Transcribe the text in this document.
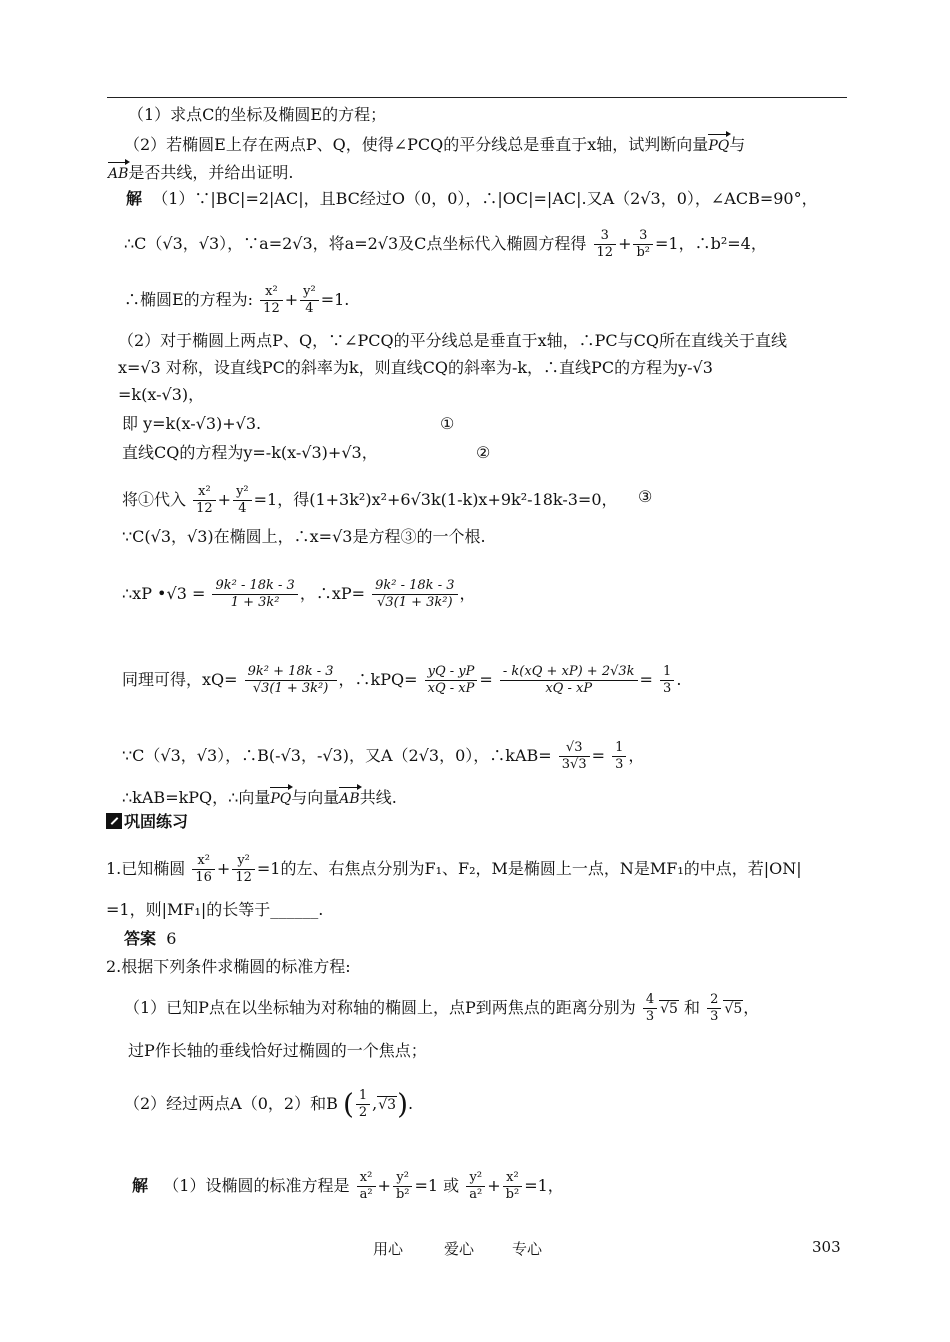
（1）求点C的坐标及椭圆E的方程；
（2）若椭圆E上存在两点P、Q，使得∠PCQ的平分线总是垂直于x轴，试判断向量PQ与
AB是否共线，并给出证明.
解 （1）∵|BC|=2|AC|，且BC经过O（0，0），∴|OC|=|AC|.又A（2√3，0），∠ACB=90°，
∴C（√3，√3），∵a=2√3，将a=2√3及C点坐标代入椭圆方程得 $\frac{3}{12} + \frac{3}{\text{b²}} =1$，∴b²=4，
∴椭圆E的方程为: $\frac{\text{x²}}{12} + \frac{\text{y²}}{4} =1$.
（2）对于椭圆上两点P、Q，∵∠PCQ的平分线总是垂直于x轴，∴PC与CQ所在直线关于直线
x=√3 对称，设直线PC的斜率为k，则直线CQ的斜率为-k，∴直线PC的方程为y-√3
=k(x-√3)，
即 y=k(x-√3)+√3.	①
直线CQ的方程为y=-k(x-√3)+√3，	②
将①代入 $\frac{\text{x²}}{12} + \frac{\text{y²}}{4} =1$，得(1+3k²)x²+6√3k(1-k)x+9k²-18k-3=0， ③
∵C(√3，√3)在椭圆上，∴x=√3是方程③的一个根.
∴xP •√3 = $\frac{\text{9k² - 18k - 3}}{\text{1 + 3k²}}$ ，∴xP= $\frac{\text{9k² - 18k - 3}}{\text{√3(1 + 3k²)}}$ ，
同理可得，$xQ= \frac{\text{9k² + 18k - 3}}{\text{√3(1 + 3k²)}}$ ，∴kPQ= $\frac{yQ - yP}{xQ - xP} = \frac{- k(xQ + xP) + 2√3k}{xQ - xP} = \frac{1}{3}$ .
∵C（√3，√3），∴B(-√3，-√3)，又A（2√3，0），∴kAB= $\frac{√3}{3√3} = \frac{1}{3}$ ，
∴kAB=kPQ，∴向量PQ与向量AB共线.
巩固练习
1.已知椭圆 $\frac{\text{x²}}{16} + \frac{\text{y²}}{12} =1$的左、右焦点分别为F₁、F₂，M是椭圆上一点，N是MF₁的中点，若|ON|
=1，则|MF₁|的长等于______.
答案 6
2.根据下列条件求椭圆的标准方程:
（1）已知P点在以坐标轴为对称轴的椭圆上，点P到两焦点的距离分别为 $\frac{4}{3} √5$ 和 $\frac{2}{3} √5$，
过P作长轴的垂线恰好过椭圆的一个焦点；
（2）经过两点A（0，2）和B ( $\frac{1}{2} ,√3$).
解 （1）设椭圆的标准方程是 $\frac{\text{x²}}{\text{a²}} + \frac{\text{y²}}{\text{b²}} =1$ 或 $\frac{\text{y²}}{\text{a²}} + \frac{\text{x²}}{\text{b²}} =1$，
用心	爱心	专心	303
